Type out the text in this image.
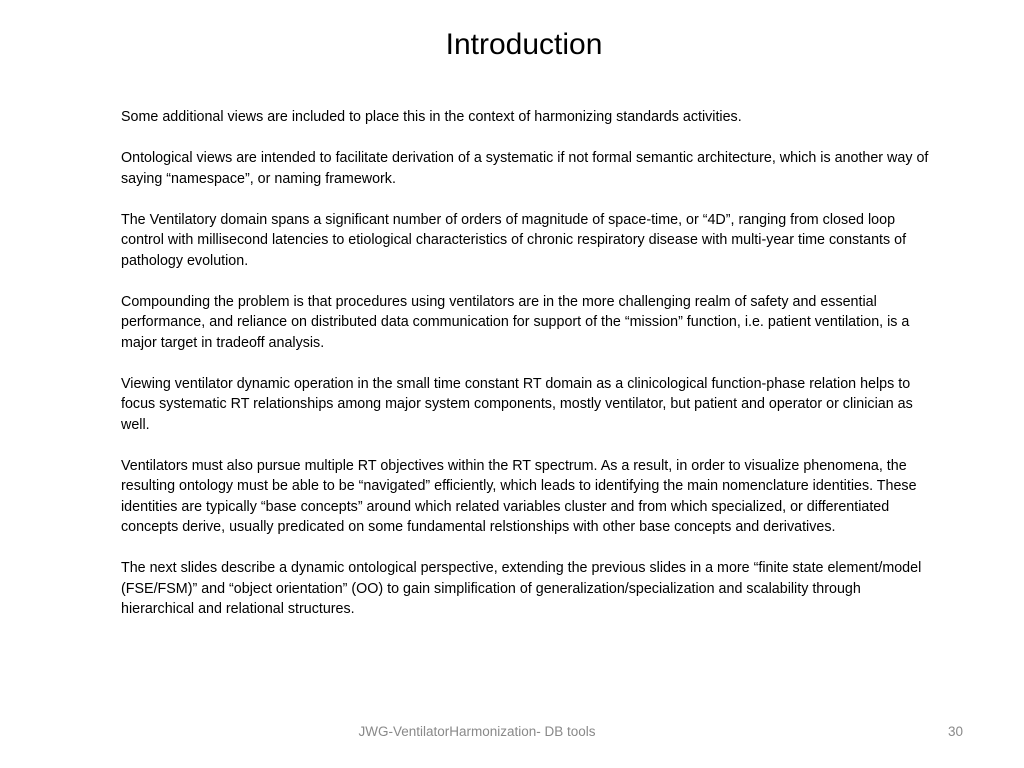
Introduction

Some additional views are included to place this in the context of harmonizing standards activities.

Ontological views are intended to facilitate derivation of a systematic if not formal semantic architecture, which is another way of saying “namespace”, or naming framework.

The Ventilatory domain spans a significant number of orders of magnitude of space-time, or “4D”, ranging from closed loop control with millisecond latencies to etiological characteristics of chronic respiratory disease with multi-year time constants of pathology evolution.

Compounding the problem is that procedures using ventilators are in the more challenging realm of safety and essential performance, and reliance on distributed data communication for support of the “mission” function, i.e. patient ventilation, is a major target in tradeoff analysis.

Viewing ventilator dynamic operation in the small time constant RT domain as a clinicological function-phase relation helps to focus systematic RT relationships among major system components, mostly ventilator, but patient and operator or clinician as well.

Ventilators must also pursue multiple RT objectives within the RT spectrum. As a result, in order to visualize phenomena, the resulting ontology must be able to be “navigated” efficiently, which leads to identifying the main nomenclature identities. These identities are typically “base concepts” around which related variables cluster and from which specialized, or differentiated concepts derive, usually predicated on some fundamental relstionships with other base concepts and derivatives.

The next slides describe a dynamic ontological perspective, extending the previous slides in a more “finite state element/model (FSE/FSM)” and “object orientation” (OO) to gain simplification of generalization/specialization and scalability through hierarchical and relational structures.

JWG-VentilatorHarmonization- DB tools	30
